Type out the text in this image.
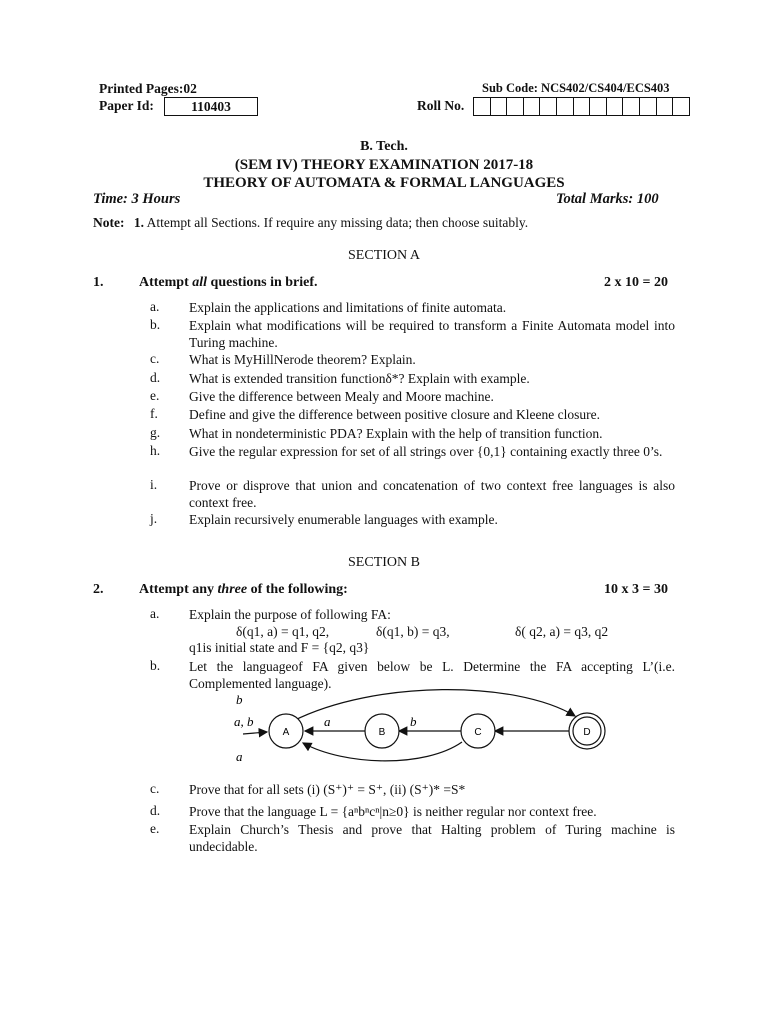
Printed Pages:02	Sub Code: NCS402/CS404/ECS403
Paper Id:	110403	Roll No.
B. Tech.
(SEM IV) THEORY EXAMINATION 2017-18
THEORY OF AUTOMATA & FORMAL LANGUAGES
Time: 3 Hours	Total Marks: 100
Note: 1. Attempt all Sections. If require any missing data; then choose suitably.
SECTION A
1.	Attempt all questions in brief.	2 x 10 = 20
a. Explain the applications and limitations of finite automata.
b. Explain what modifications will be required to transform a Finite Automata model into Turing machine.
c. What is MyHillNerode theorem? Explain.
d. What is extended transition functionδ*? Explain with example.
e. Give the difference between Mealy and Moore machine.
f. Define and give the difference between positive closure and Kleene closure.
g. What in nondeterministic PDA? Explain with the help of transition function.
h. Give the regular expression for set of all strings over {0,1} containing exactly three 0’s.
i. Prove or disprove that union and concatenation of two context free languages is also context free.
j. Explain recursively enumerable languages with example.
SECTION B
2.	Attempt any three of the following:	10 x 3 = 30
a. Explain the purpose of following FA:
δ(q1, a) = q1, q2,	δ(q1, b) = q3,	δ( q2, a) = q3, q2
q1is initial state and F = {q2, q3}
b. Let the languageof FA given below be L. Determine the FA accepting L’(i.e. Complemented language).
A	B	C	D
b
a, b	a	b
a
c. Prove that for all sets (i) (S⁺)⁺ = S⁺, (ii) (S⁺)* =S*
d. Prove that the language L = {aⁿbⁿcⁿ|n≥0} is neither regular nor context free.
e. Explain Church’s Thesis and prove that Halting problem of Turing machine is undecidable.
